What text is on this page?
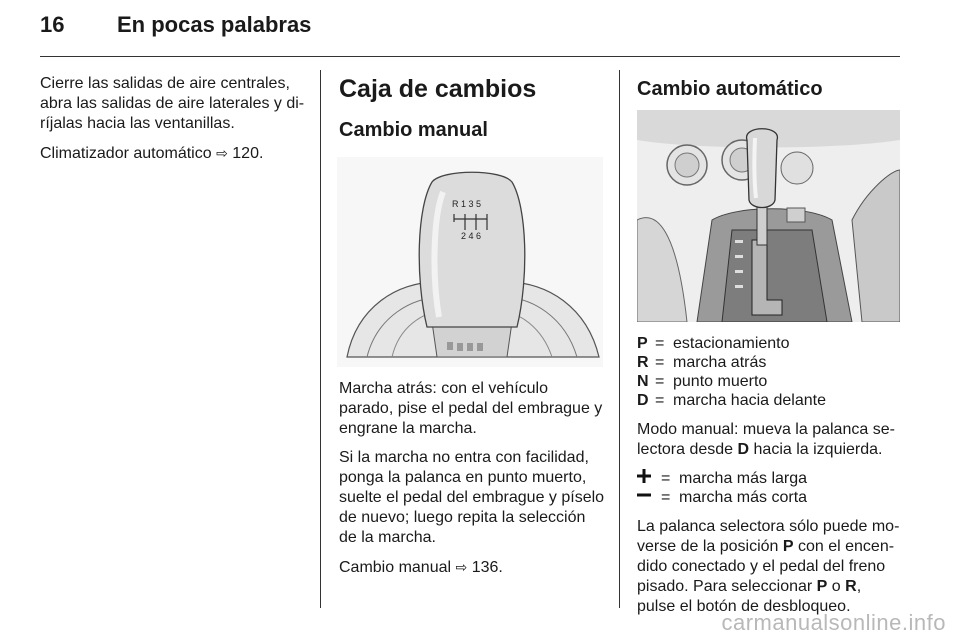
16 En pocas palabras

Cierre las salidas de aire centrales, abra las salidas de aire laterales y di-ríjalas hacia las ventanillas.

Climatizador automático ⇨ 120.

Caja de cambios
Cambio manual
R 1 3 5
2 4 6

Marcha atrás: con el vehículo parado, pise el pedal del embrague y engrane la marcha.

Si la marcha no entra con facilidad, ponga la palanca en punto muerto, suelte el pedal del embrague y píselo de nuevo; luego repita la selección de la marcha.

Cambio manual ⇨ 136.

Cambio automático
P	=	estacionamiento
R	=	marcha atrás
N	=	punto muerto
D	=	marcha hacia delante

Modo manual: mueva la palanca se-lectora desde D hacia la izquierda.

	=	marcha más larga
	=	marcha más corta

La palanca selectora sólo puede mo-verse de la posición P con el encen-dido conectado y el pedal del freno pisado. Para seleccionar P o R, pulse el botón de desbloqueo.

carmanualsonline.info
